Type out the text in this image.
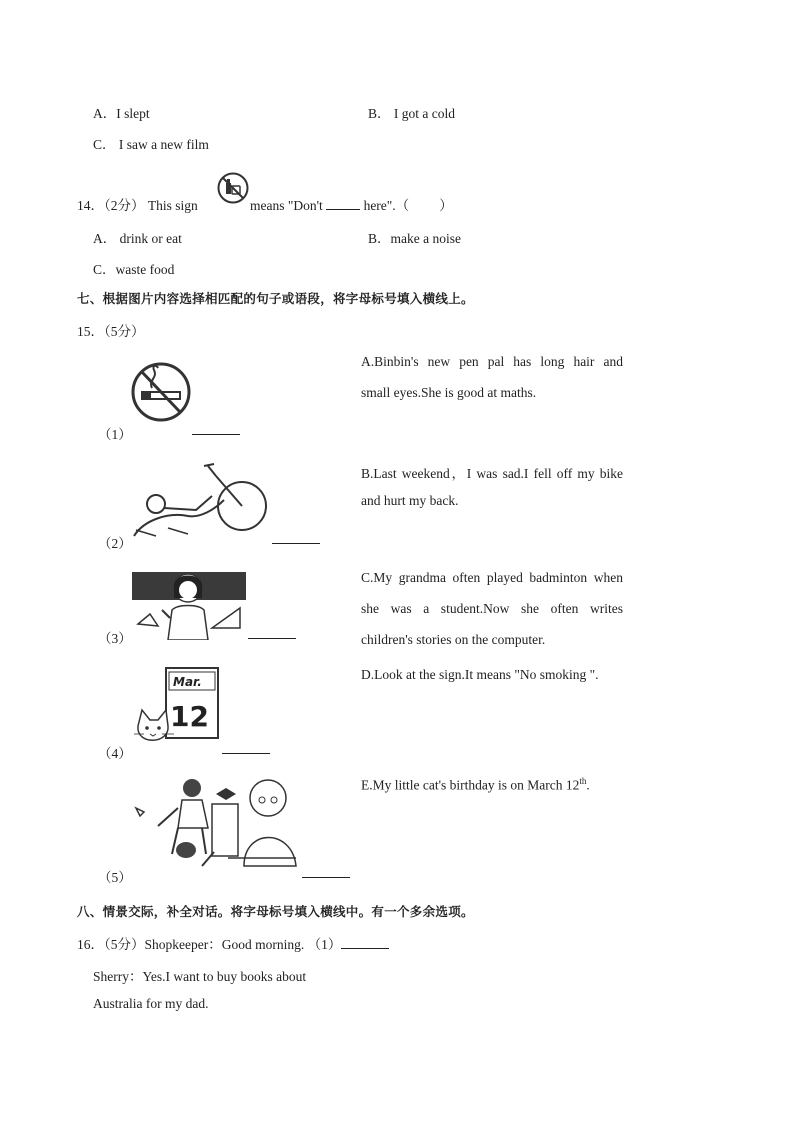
A．I slept	B． I got a cold
C． I saw a new film
14．（2分） This sign	means "Don't	here".（ ）
A． drink or eat	B．make a noise
C．waste food
七、根据图片内容选择相匹配的句子或语段，将字母标号填入横线上。
15．（5分）
（1）
（2）
（3）
Mar.
12
（4）
（5）
A.Binbin's new pen pal has long hair and
small eyes.She is good at maths.
B.Last weekend，I was sad.I fell off my bike
and hurt my back.
C.My grandma often played badminton when
she was a student.Now she often writes
children's stories on the computer.
D.Look at the sign.It means "No smoking ".
E.My little cat's birthday is on March 12th.
八、情景交际，补全对话。将字母标号填入横线中。有一个多余选项。
16．（5分）Shopkeeper：Good morning. （1）
Sherry：Yes.I want to buy books about
Australia for my dad.
